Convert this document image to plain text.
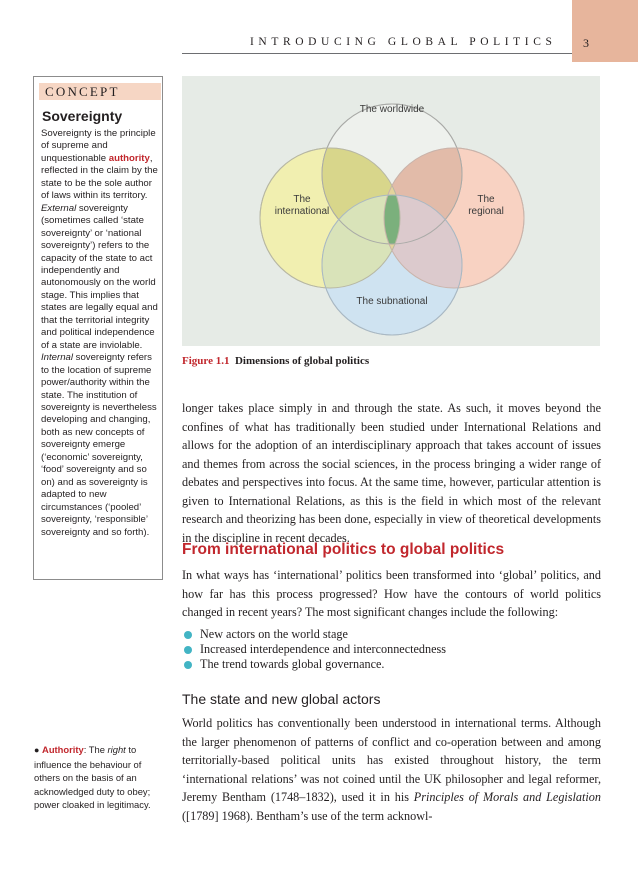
INTRODUCING GLOBAL POLITICS	3
CONCEPT
Sovereignty
Sovereignty is the principle of supreme and unquestionable authority, reflected in the claim by the state to be the sole author of laws within its territory. External sovereignty (sometimes called ‘state sovereignty’ or ‘national sovereignty’) refers to the capacity of the state to act independently and autonomously on the world stage. This implies that states are legally equal and that the territorial integrity and political independence of a state are inviolable. Internal sovereignty refers to the location of supreme power/authority within the state. The institution of sovereignty is nevertheless developing and changing, both as new concepts of sovereignty emerge (‘economic’ sovereignty, ‘food’ sovereignty and so on) and as sovereignty is adapted to new circumstances (‘pooled’ sovereignty, ‘responsible’ sovereignty and so forth).
The worldwide
The
international
The
regional
The subnational
Figure 1.1 Dimensions of global politics
longer takes place simply in and through the state. As such, it moves beyond the confines of what has traditionally been studied under International Relations and allows for the adoption of an interdisciplinary approach that takes account of issues and themes from across the social sciences, in the process bringing a wider range of debates and perspectives into focus. At the same time, however, particular attention is given to International Relations, as this is the field in which most of the relevant research and theorizing has been done, especially in view of theoretical developments in the discipline in recent decades.
From international politics to global politics
In what ways has ‘international’ politics been transformed into ‘global’ politics, and how far has this process progressed? How have the contours of world politics changed in recent years? The most significant changes include the following:
New actors on the world stage
Increased interdependence and interconnectedness
The trend towards global governance.
The state and new global actors
World politics has conventionally been understood in international terms. Although the larger phenomenon of patterns of conflict and co-operation between and among territorially-based political units has existed throughout history, the term ‘international relations’ was not coined until the UK philosopher and legal reformer, Jeremy Bentham (1748–1832), used it in his Principles of Morals and Legislation ([1789] 1968). Bentham’s use of the term acknowl-
● Authority: The right to influence the behaviour of others on the basis of an acknowledged duty to obey; power cloaked in legitimacy.
